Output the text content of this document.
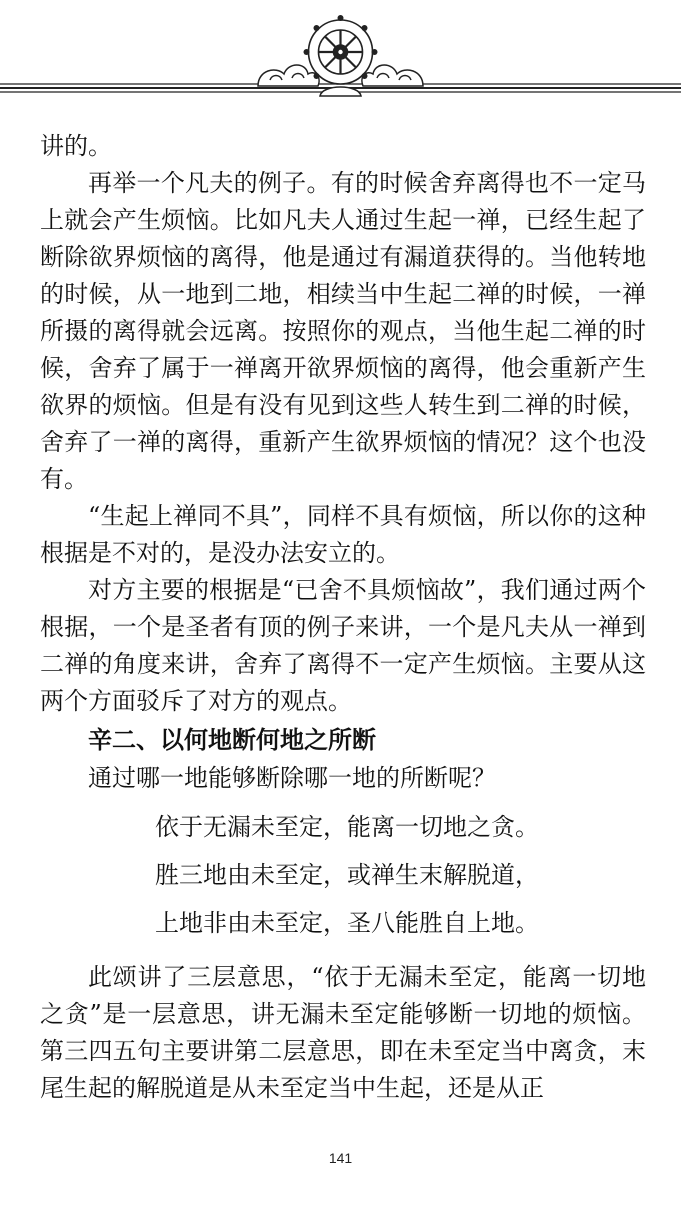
讲的。

再举一个凡夫的例子。有的时候舍弃离得也不一定马上就会产生烦恼。比如凡夫人通过生起一禅，已经生起了断除欲界烦恼的离得，他是通过有漏道获得的。当他转地的时候，从一地到二地，相续当中生起二禅的时候，一禅所摄的离得就会远离。按照你的观点，当他生起二禅的时候，舍弃了属于一禅离开欲界烦恼的离得，他会重新产生欲界的烦恼。但是有没有见到这些人转生到二禅的时候，舍弃了一禅的离得，重新产生欲界烦恼的情况？这个也没有。

“生起上禅同不具”，同样不具有烦恼，所以你的这种根据是不对的，是没办法安立的。

对方主要的根据是“已舍不具烦恼故”，我们通过两个根据，一个是圣者有顶的例子来讲，一个是凡夫从一禅到二禅的角度来讲，舍弃了离得不一定产生烦恼。主要从这两个方面驳斥了对方的观点。

辛二、以何地断何地之所断

通过哪一地能够断除哪一地的所断呢？

依于无漏未至定，能离一切地之贪。

胜三地由未至定，或禅生末解脱道，

上地非由未至定，圣八能胜自上地。

此颂讲了三层意思，“依于无漏未至定，能离一切地之贪”是一层意思，讲无漏未至定能够断一切地的烦恼。第三四五句主要讲第二层意思，即在未至定当中离贪，末尾生起的解脱道是从未至定当中生起，还是从正

141
